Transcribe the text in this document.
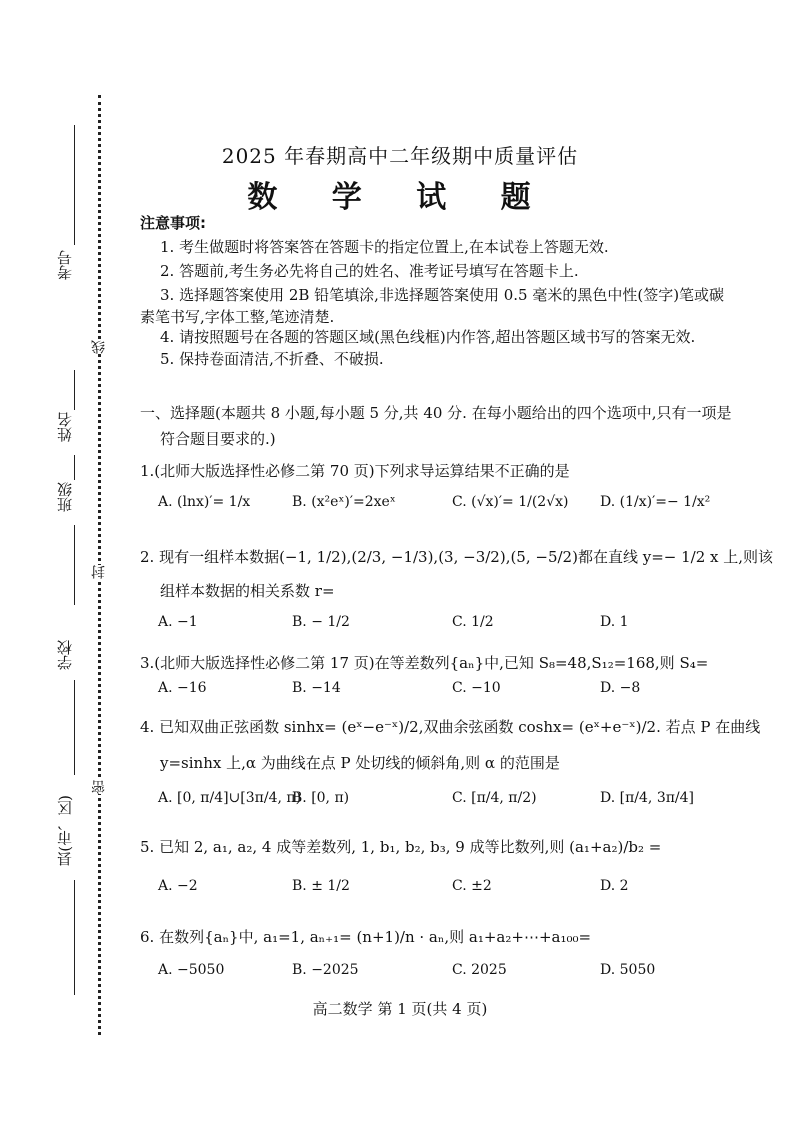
考号
姓名
班级
学校
县(市、区)
线
封
密
2025 年春期高中二年级期中质量评估
数 学 试 题
注意事项:
1. 考生做题时将答案答在答题卡的指定位置上,在本试卷上答题无效.
2. 答题前,考生务必先将自己的姓名、准考证号填写在答题卡上.
3. 选择题答案使用 2B 铅笔填涂,非选择题答案使用 0.5 毫米的黑色中性(签字)笔或碳
素笔书写,字体工整,笔迹清楚.
4. 请按照题号在各题的答题区域(黑色线框)内作答,超出答题区域书写的答案无效.
5. 保持卷面清洁,不折叠、不破损.
一、选择题(本题共 8 小题,每小题 5 分,共 40 分. 在每小题给出的四个选项中,只有一项是
符合题目要求的.)
1.(北师大版选择性必修二第 70 页)下列求导运算结果不正确的是
A. (lnx)′= 1/x	B. (x²eˣ)′=2xeˣ	C. (√x)′= 1/(2√x) D. (1/x)′=− 1/x²
2. 现有一组样本数据(−1, 1/2),(2/3, −1/3),(3, −3/2),(5, −5/2)都在直线 y=− 1/2 x 上,则该
组样本数据的相关系数 r=
A. −1	B. − 1/2	C. 1/2	D. 1
3.(北师大版选择性必修二第 17 页)在等差数列{aₙ}中,已知 S₈=48,S₁₂=168,则 S₄=
A. −16	B. −14	C. −10	D. −8
4. 已知双曲正弦函数 sinhx= (eˣ−e⁻ˣ)/2,双曲余弦函数 coshx= (eˣ+e⁻ˣ)/2. 若点 P 在曲线
y=sinhx 上,α 为曲线在点 P 处切线的倾斜角,则 α 的范围是
A. [0, π/4]∪[3π/4, π)
B. [0, π)	C. [π/4, π/2)	D. [π/4, 3π/4]
5. 已知 2, a₁, a₂, 4 成等差数列, 1, b₁, b₂, b₃, 9 成等比数列,则 (a₁+a₂)/b₂ =
A. −2	B. ± 1/2	C. ±2	D. 2
6. 在数列{aₙ}中, a₁=1, aₙ₊₁= (n+1)/n · aₙ,则 a₁+a₂+⋯+a₁₀₀=
A. −5050	B. −2025	C. 2025	D. 5050
高二数学 第 1 页(共 4 页)
